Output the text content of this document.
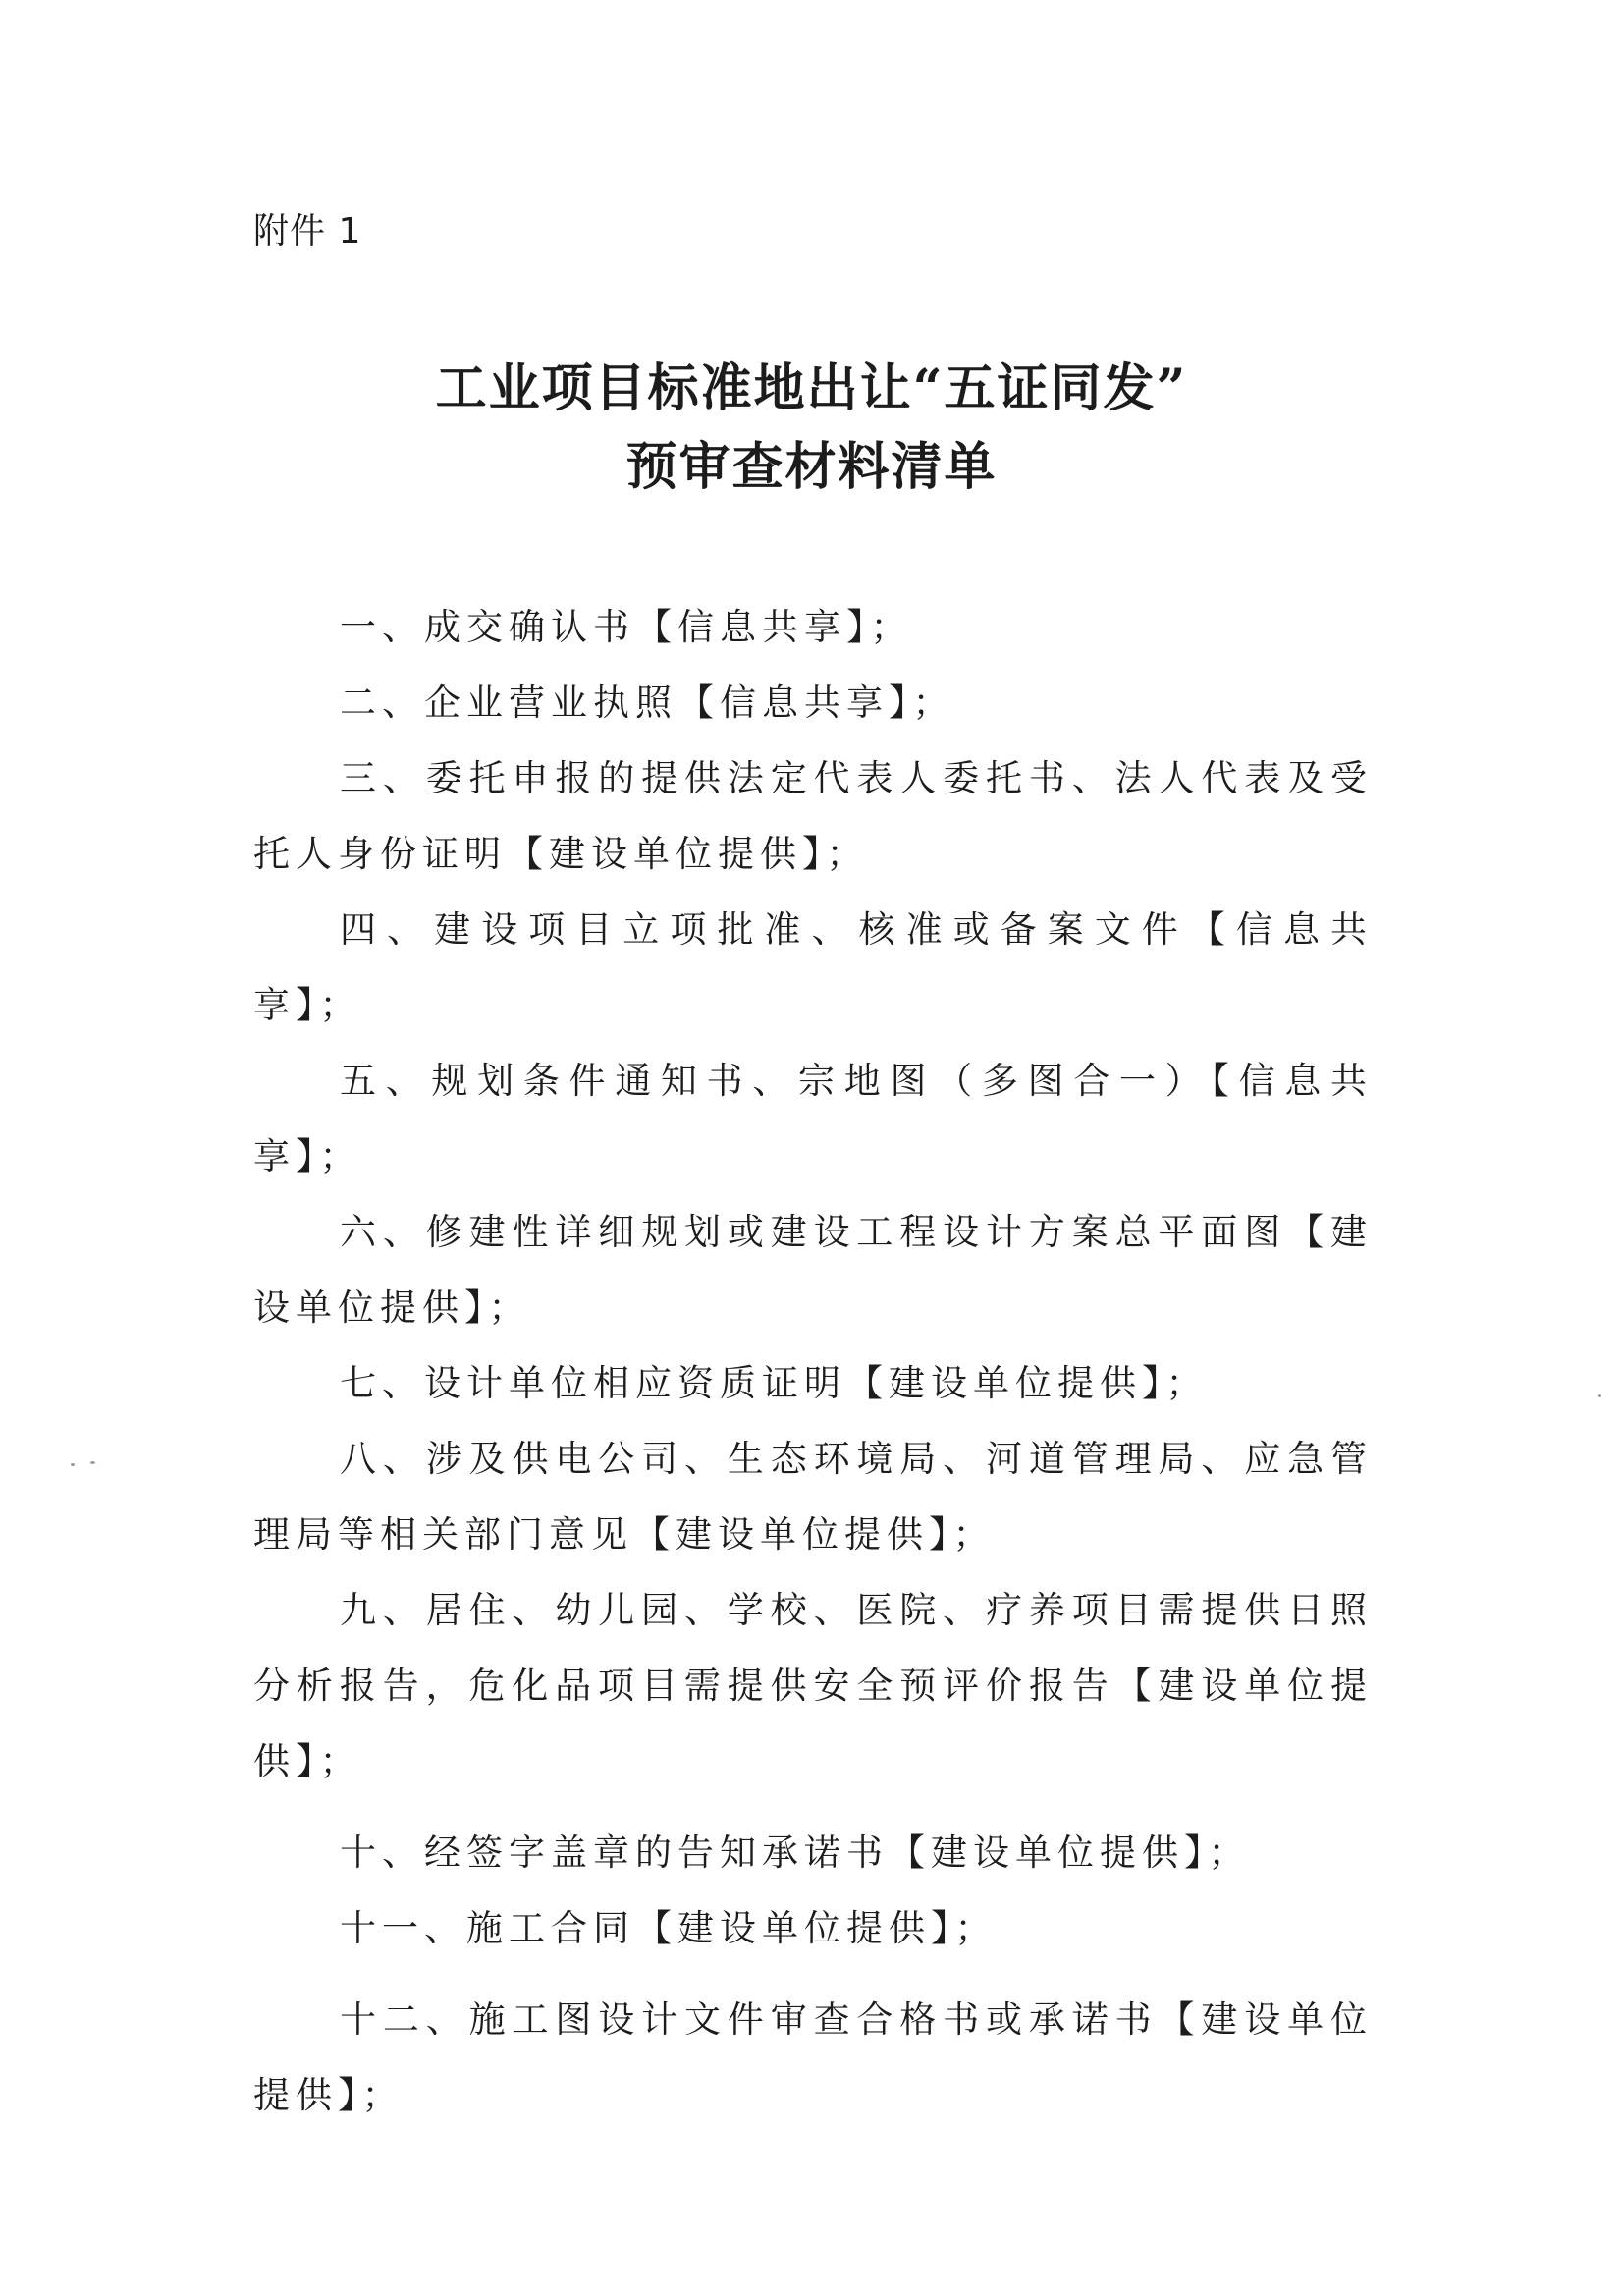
附件 1
工业项目标准地出让“五证同发”
预审查材料清单

一、成交确认书【信息共享】；

二、企业营业执照【信息共享】；

三、委托申报的提供法定代表人委托书、法人代表及受托人身份证明【建设单位提供】；

四、建设项目立项批准、核准或备案文件【信息共享】；

五、规划条件通知书、宗地图（多图合一）【信息共享】；

六、修建性详细规划或建设工程设计方案总平面图【建设单位提供】；

七、设计单位相应资质证明【建设单位提供】；

八、涉及供电公司、生态环境局、河道管理局、应急管理局等相关部门意见【建设单位提供】；

九、居住、幼儿园、学校、医院、疗养项目需提供日照分析报告，危化品项目需提供安全预评价报告【建设单位提供】；

十、经签字盖章的告知承诺书【建设单位提供】；

十一、施工合同【建设单位提供】；

十二、施工图设计文件审查合格书或承诺书【建设单位提供】；
